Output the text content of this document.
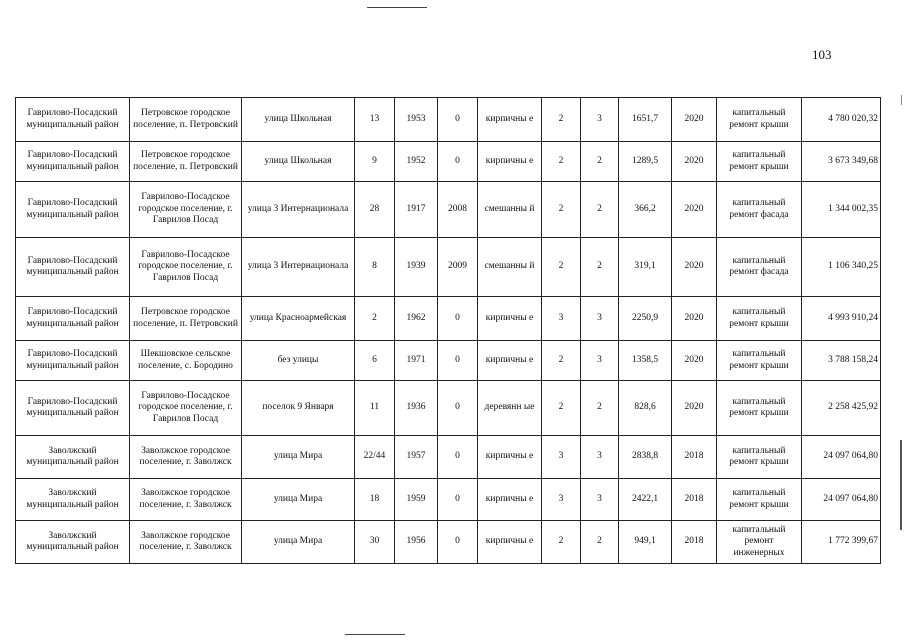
103
Гаврилово-Посадский муниципальный район	Петровское городское поселение, п. Петровский	улица Школьная	13	1953	0	кирпичны е	2	3	1651,7	2020	капитальный ремонт крыши	4 780 020,32
Гаврилово-Посадский муниципальный район	Петровское городское поселение, п. Петровский	улица Школьная	9	1952	0	кирпичны е	2	2	1289,5	2020	капитальный ремонт крыши	3 673 349,68
Гаврилово-Посадский муниципальный район	Гаврилово-Посадское городское поселение, г. Гаврилов Посад	улица 3 Интернационала	28	1917	2008	смешанны й	2	2	366,2	2020	капитальный ремонт фасада	1 344 002,35
Гаврилово-Посадский муниципальный район	Гаврилово-Посадское городское поселение, г. Гаврилов Посад	улица 3 Интернационала	8	1939	2009	смешанны й	2	2	319,1	2020	капитальный ремонт фасада	1 106 340,25
Гаврилово-Посадский муниципальный район	Петровское городское поселение, п. Петровский	улица Красноармейская	2	1962	0	кирпичны е	3	3	2250,9	2020	капитальный ремонт крыши	4 993 910,24
Гаврилово-Посадский муниципальный район	Шекшовское сельское поселение, с. Бородино	без улицы	6	1971	0	кирпичны е	2	3	1358,5	2020	капитальный ремонт крыши	3 788 158,24
Гаврилово-Посадский муниципальный район	Гаврилово-Посадское городское поселение, г. Гаврилов Посад	поселок 9 Января	11	1936	0	деревянн ые	2	2	828,6	2020	капитальный ремонт крыши	2 258 425,92
Заволжский муниципальный район	Заволжское городское поселение, г. Заволжск	улица Мира	22/44	1957	0	кирпичны е	3	3	2838,8	2018	капитальный ремонт крыши	24 097 064,80
Заволжский муниципальный район	Заволжское городское поселение, г. Заволжск	улица Мира	18	1959	0	кирпичны е	3	3	2422,1	2018	капитальный ремонт крыши	24 097 064,80
Заволжский муниципальный район	Заволжское городское поселение, г. Заволжск	улица Мира	30	1956	0	кирпичны е	2	2	949,1	2018	капитальный ремонт инженерных	1 772 399,67
